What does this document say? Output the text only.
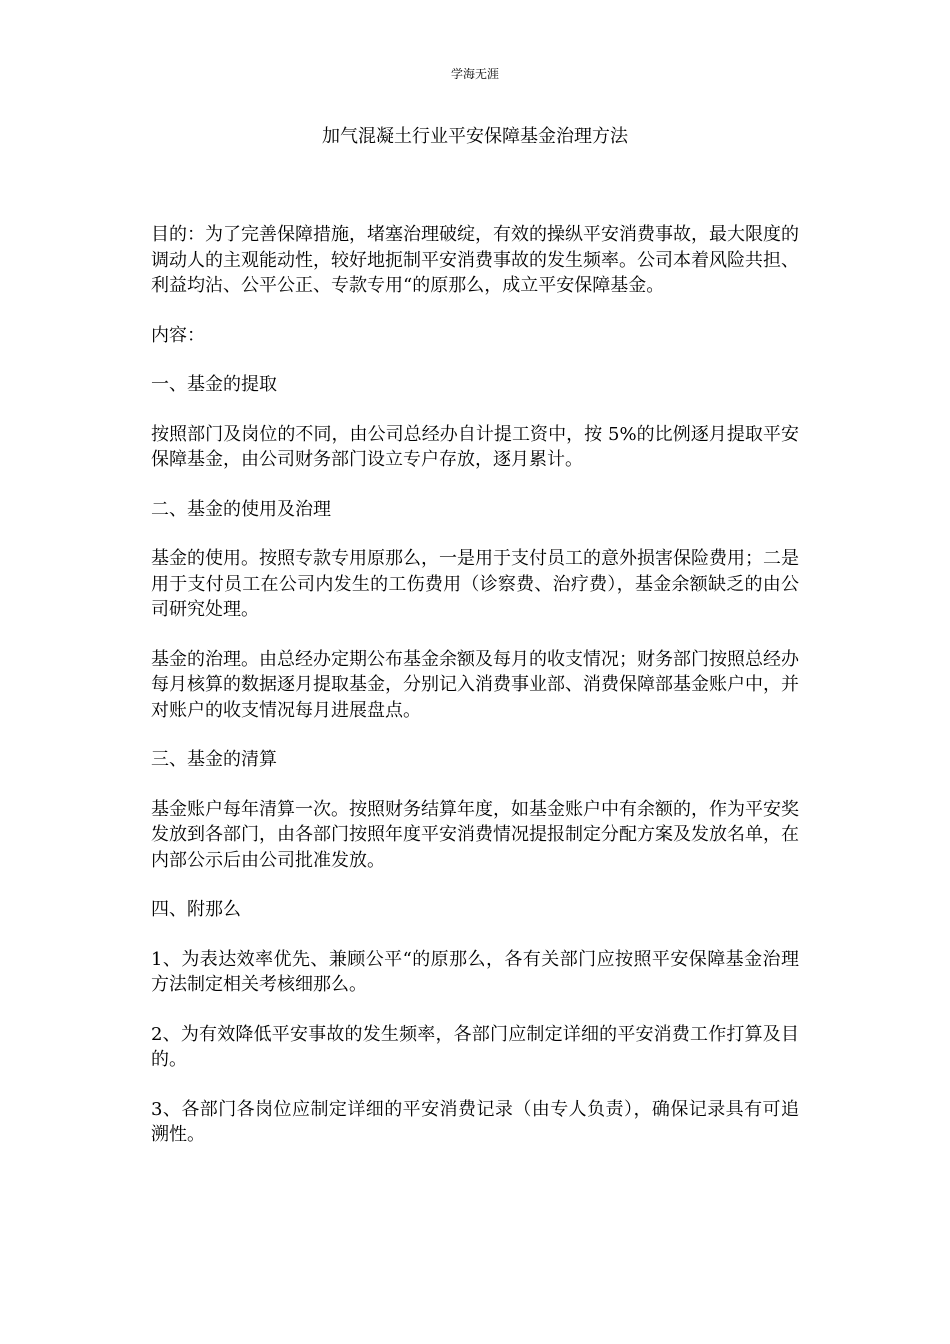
学海无涯
加气混凝土行业平安保障基金治理方法

目的：为了完善保障措施，堵塞治理破绽，有效的操纵平安消费事故，最大限度的调动人的主观能动性，较好地扼制平安消费事故的发生频率。公司本着风险共担、利益均沾、公平公正、专款专用“的原那么，成立平安保障基金。

内容：

一、基金的提取

按照部门及岗位的不同，由公司总经办自计提工资中，按 5%的比例逐月提取平安保障基金，由公司财务部门设立专户存放，逐月累计。

二、基金的使用及治理

基金的使用。按照专款专用原那么，一是用于支付员工的意外损害保险费用；二是用于支付员工在公司内发生的工伤费用（诊察费、治疗费），基金余额缺乏的由公司研究处理。

基金的治理。由总经办定期公布基金余额及每月的收支情况；财务部门按照总经办每月核算的数据逐月提取基金，分别记入消费事业部、消费保障部基金账户中，并对账户的收支情况每月进展盘点。

三、基金的清算

基金账户每年清算一次。按照财务结算年度，如基金账户中有余额的，作为平安奖发放到各部门，由各部门按照年度平安消费情况提报制定分配方案及发放名单，在内部公示后由公司批准发放。

四、附那么

1、为表达效率优先、兼顾公平“的原那么，各有关部门应按照平安保障基金治理方法制定相关考核细那么。

2、为有效降低平安事故的发生频率，各部门应制定详细的平安消费工作打算及目的。

3、各部门各岗位应制定详细的平安消费记录（由专人负责），确保记录具有可追溯性。
